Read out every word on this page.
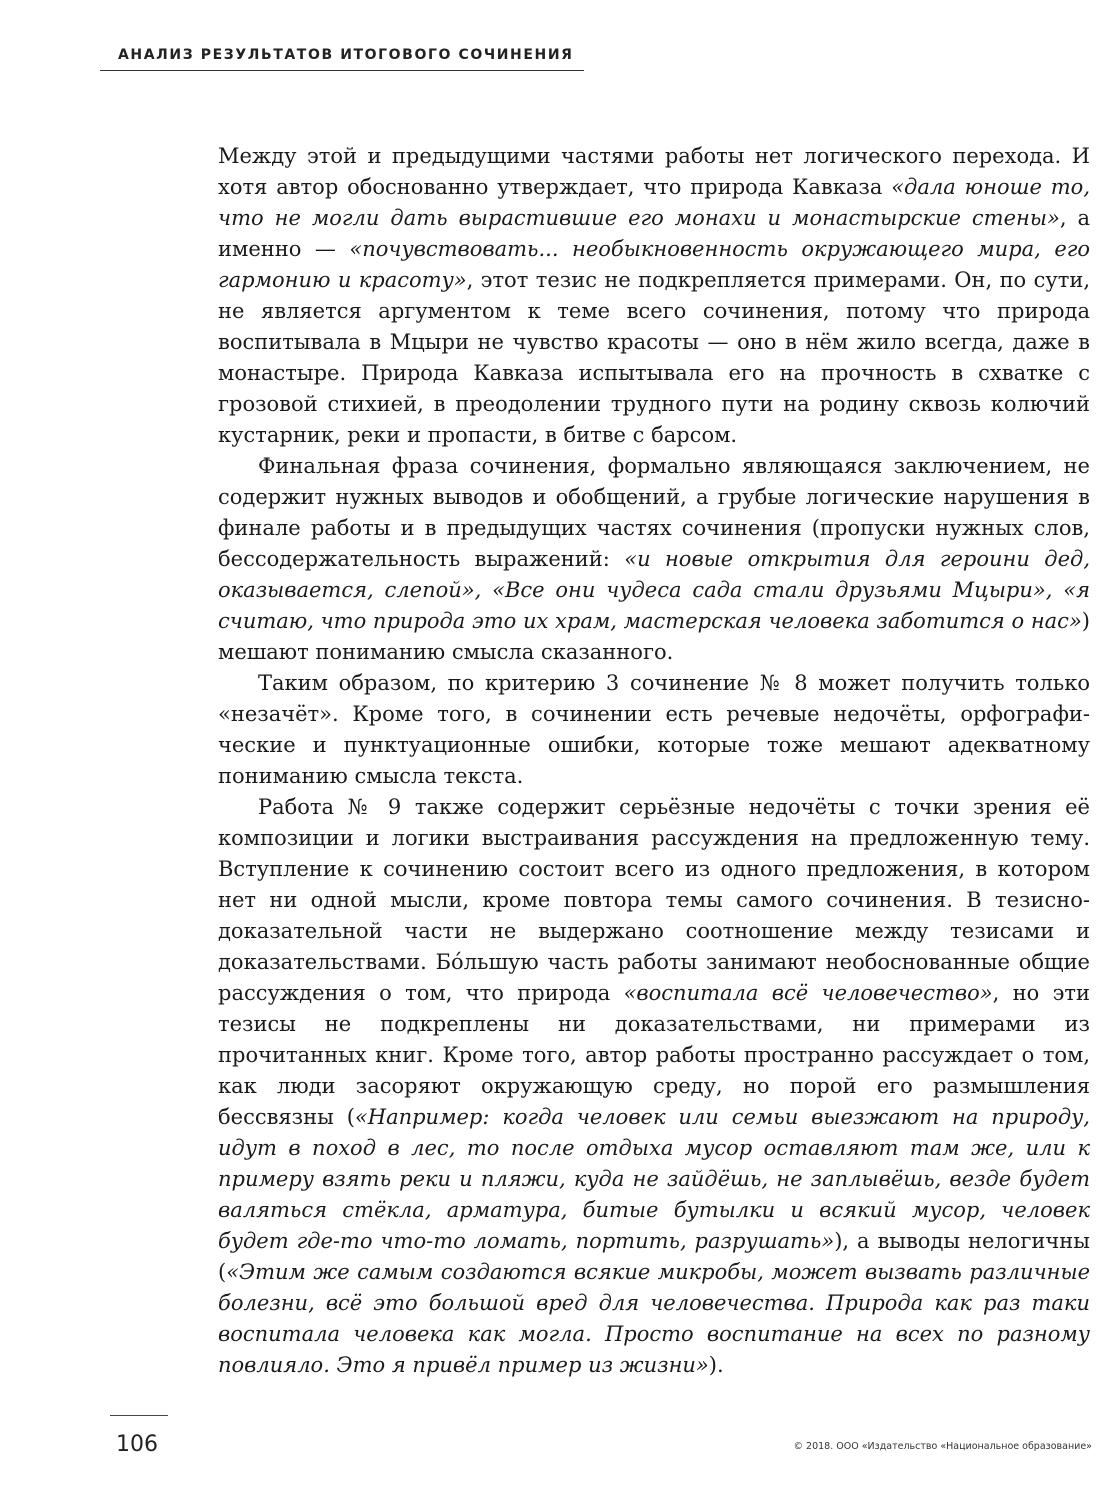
АНАЛИЗ РЕЗУЛЬТАТОВ ИТОГОВОГО СОЧИНЕНИЯ

Между этой и предыдущими частями работы нет логического перехода. И хотя автор обоснованно утверждает, что природа Кавказа «дала юноше то, что не могли дать вырастившие его монахи и монастырские стены», а именно — «почувствовать... необыкновенность окружающего мира, его гармонию и красоту», этот тезис не подкрепляется примерами. Он, по сути, не является аргументом к теме всего сочинения, потому что природа воспитывала в Мцыри не чувство красоты — оно в нём жило всегда, даже в монастыре. Природа Кавказа испытывала его на прочность в схватке с грозовой стихией, в преодолении трудного пути на родину сквозь колючий кустарник, реки и пропасти, в битве с барсом.

Финальная фраза сочинения, формально являющаяся заключением, не содержит нужных выводов и обобщений, а грубые логические нарушения в финале работы и в предыдущих частях сочинения (пропуски нужных слов, бессодержательность выражений: «и новые открытия для героини дед, оказывается, слепой», «Все они чудеса сада стали друзьями Мцыри», «я считаю, что природа это их храм, мастерская человека заботится о нас») мешают пониманию смысла сказанного.

Таким образом, по критерию 3 сочинение № 8 может получить только «незачёт». Кроме того, в сочинении есть речевые недочёты, орфографические и пунктуационные ошибки, которые тоже мешают адекватному пониманию смысла текста.

Работа № 9 также содержит серьёзные недочёты с точки зрения её композиции и логики выстраивания рассуждения на предложенную тему. Вступление к сочинению состоит всего из одного предложения, в котором нет ни одной мысли, кроме повтора темы самого сочинения. В тезисно-доказательной части не выдержано соотношение между тезисами и доказательствами. Бóльшую часть работы занимают необоснованные общие рассуждения о том, что природа «воспитала всё человечество», но эти тезисы не подкреплены ни доказательствами, ни примерами из прочитанных книг. Кроме того, автор работы пространно рассуждает о том, как люди засоряют окружающую среду, но порой его размышления бессвязны («Например: когда человек или семьи выезжают на природу, идут в поход в лес, то после отдыха мусор оставляют там же, или к примеру взять реки и пляжи, куда не зайдёшь, не заплывёшь, везде будет валяться стёкла, арматура, битые бутылки и всякий мусор, человек будет где-то что-то ломать, портить, разрушать»), а выводы нелогичны («Этим же самым создаются всякие микробы, может вызвать различные болезни, всё это большой вред для человечества. Природа как раз таки воспитала человека как могла. Просто воспитание на всех по разному повлияло. Это я привёл пример из жизни»).

106	© 2018. ООО «Издательство «Национальное образование»
